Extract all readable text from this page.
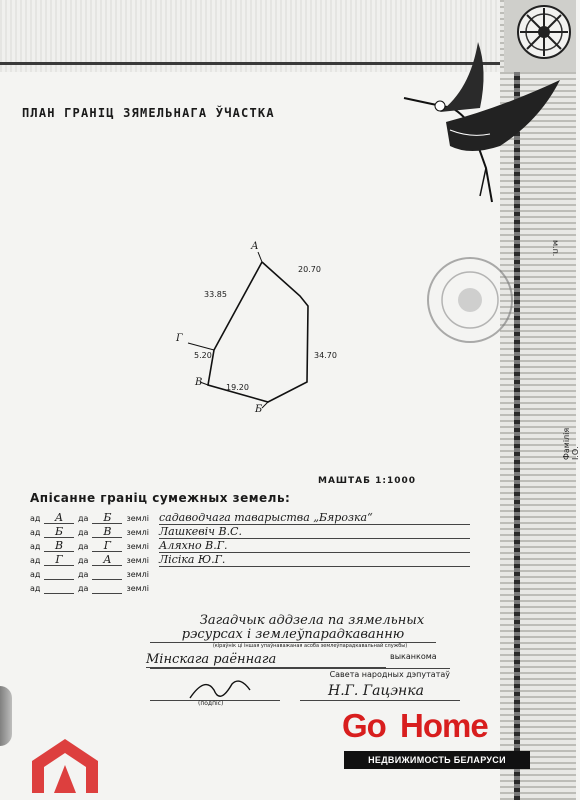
ПЛАН ГРАНІЦ ЗЯМЕЛЬНАГА ЎЧАСТКА
А
Б
В
Г
20.70
34.70
19.20
5.20
33.85
МАШТАБ 1:1000
Апісанне граніц сумежных земель:
ад	А	да	Б	землі садаводчага таварыства „Бярозка“
ад	Б	да	В	землі Лашкевіч В.С.
ад	В	да	Г	землі Аляхно В.Г.
ад	Г	да	А	землі Лісіка Ю.Г.
ад	да	землі
ад	да	землі
Загадчык аддзела па зямельных
рэсурсах і землеўпарадкаванню
(кіраўнік ці іншая упаўнаважаная асоба землеўпарадкавальнай службы)
Мінскага раённага	выканкома
Савета народных дэпутатаў
(подпіс)
Н.Г. Гацэнка
м.п.
Фамілія І.О.
Go Home
НЕДВИЖИМОСТЬ БЕЛАРУСИ
